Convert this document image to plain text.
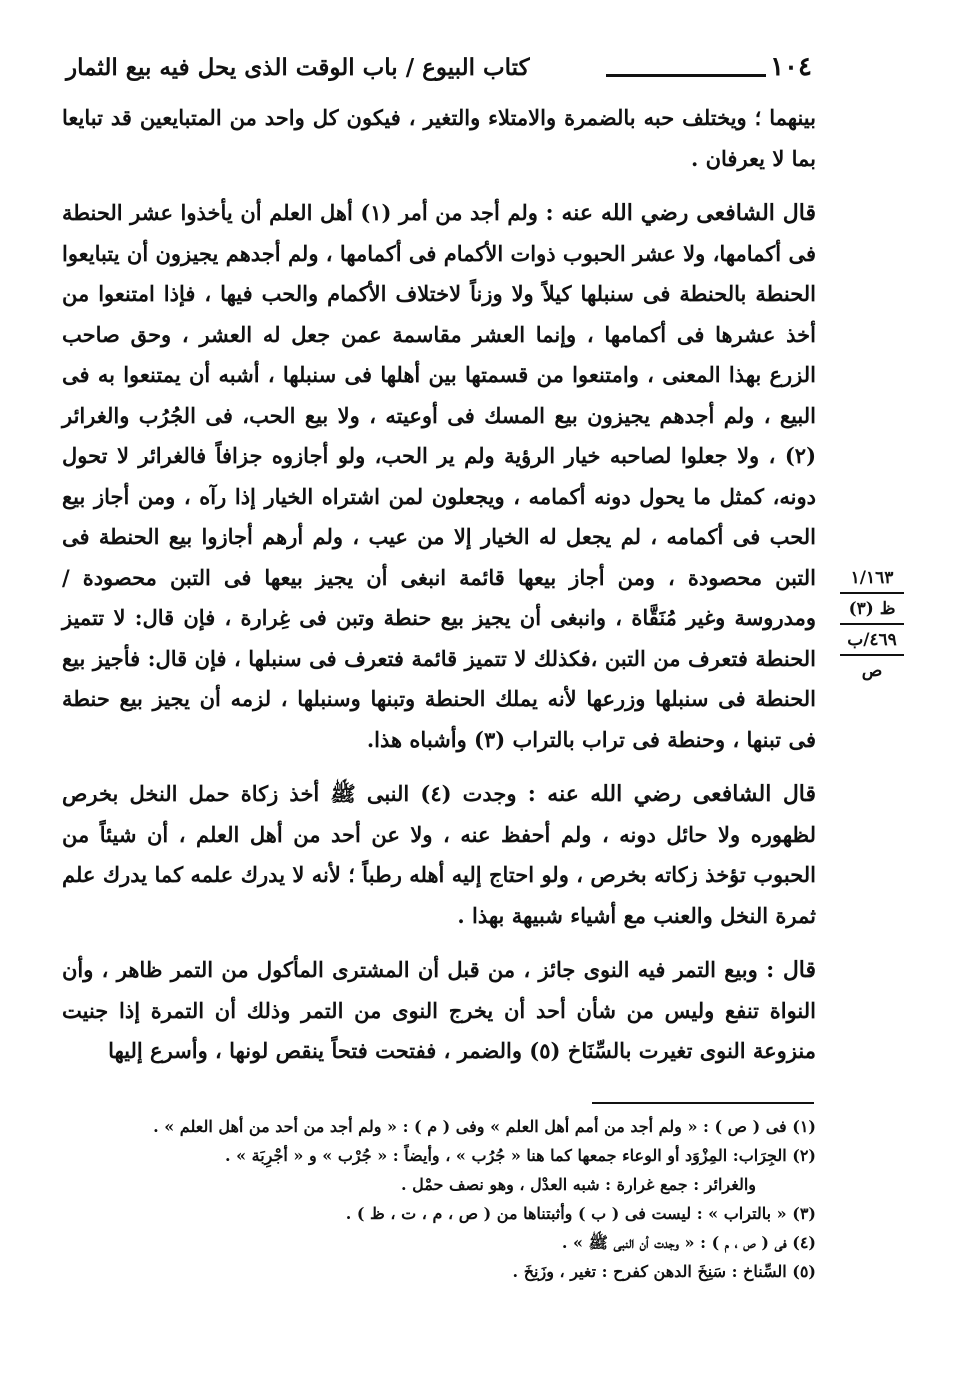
١٠٤
كتاب البيوع / باب الوقت الذى يحل فيه بيع الثمار

بينهما ؛ ويختلف حبه بالضمرة والامتلاء والتغير ، فيكون كل واحد من المتبايعين قد تبايعا بما لا يعرفان .

قال الشافعى رضي الله عنه : ولم أجد من أمر (١) أهل العلم أن يأخذوا عشر الحنطة فى أكمامها، ولا عشر الحبوب ذوات الأكمام فى أكمامها ، ولم أجدهم يجيزون أن يتبايعوا الحنطة بالحنطة فى سنبلها كيلاً ولا وزناً لاختلاف الأكمام والحب فيها ، فإذا امتنعوا من أخذ عشرها فى أكمامها ، وإنما العشر مقاسمة عمن جعل له العشر ، وحق صاحب الزرع بهذا المعنى ، وامتنعوا من قسمتها بين أهلها فى سنبلها ، أشبه أن يمتنعوا به فى البيع ، ولم أجدهم يجيزون بيع المسك فى أوعيته ، ولا بيع الحب، فى الجُرُب والغرائر (٢) ، ولا جعلوا لصاحبه خيار الرؤية ولم ير الحب، ولو أجازوه جزافاً فالغرائر لا تحول دونه، كمثل ما يحول دونه أكمامه ، ويجعلون لمن اشتراه الخيار إذا رآه ، ومن أجاز بيع الحب فى أكمامه ، لم يجعل له الخيار إلا من عيب ، ولم أرهم أجازوا بيع الحنطة فى التبن محصودة ، ومن أجاز بيعها قائمة انبغى أن يجيز بيعها فى التبن محصودة / ومدروسة وغير مُنَقَّاة ، وانبغى أن يجيز بيع حنطة وتبن فى غِرارة ، فإن قال: لا تتميز الحنطة فتعرف من التبن ،فكذلك لا تتميز قائمة فتعرف فى سنبلها ، فإن قال: فأجيز بيع الحنطة فى سنبلها وزرعها لأنه يملك الحنطة وتبنها وسنبلها ، لزمه أن يجيز بيع حنطة فى تبنها ، وحنطة فى تراب بالتراب (٣) وأشباه هذا.

قال الشافعى رضي الله عنه : وجدت (٤) النبى ﷺ أخذ زكاة حمل النخل بخرص لظهوره ولا حائل دونه ، ولم أحفظ عنه ، ولا عن أحد من أهل العلم ، أن شيئاً من الحبوب تؤخذ زكاته بخرص ، ولو احتاج إليه أهله رطباً ؛ لأنه لا يدرك علمه كما يدرك علم ثمرة النخل والعنب مع أشياء شبيهة بهذا .

قال : وبيع التمر فيه النوى جائز ، من قبل أن المشترى المأكول من التمر ظاهر ، وأن النواة تنفع وليس من شأن أحد أن يخرج النوى من التمر وذلك أن التمرة إذا جنيت منزوعة النوى تغيرت بالسِّنَاخ (٥) والضمر ، ففتحت فتحاً ينقص لونها ، وأسرع إليها

١/١٦٣
ظ (٣)
٤٦٩/ب
ص
(١) فى ( ص ) : « ولم أجد من أمم أهل العلم » وفى ( م ) : « ولم أجد من أحد من أهل العلم » .
(٢) الجِرَاب: المِزْوَد أو الوعاء جمعها كما هنا « جُرُب » ، وأيضاً : « جُرْب » و « أجْرِبَة » .
والغرائر : جمع غرارة : شبه العدْل ، وهو نصف حمْل .
(٣) « بالتراب » : ليست فى ( ب ) وأثبتناها من ( ص ، م ، ت ، ظ ) .
(٤) فى ( ص ، م ) : « وجدت أن النبى ﷺ » .
(٥) السِّناخ : سَنِخَ الدهن كفرح : تغير ، وزَنِخَ .
